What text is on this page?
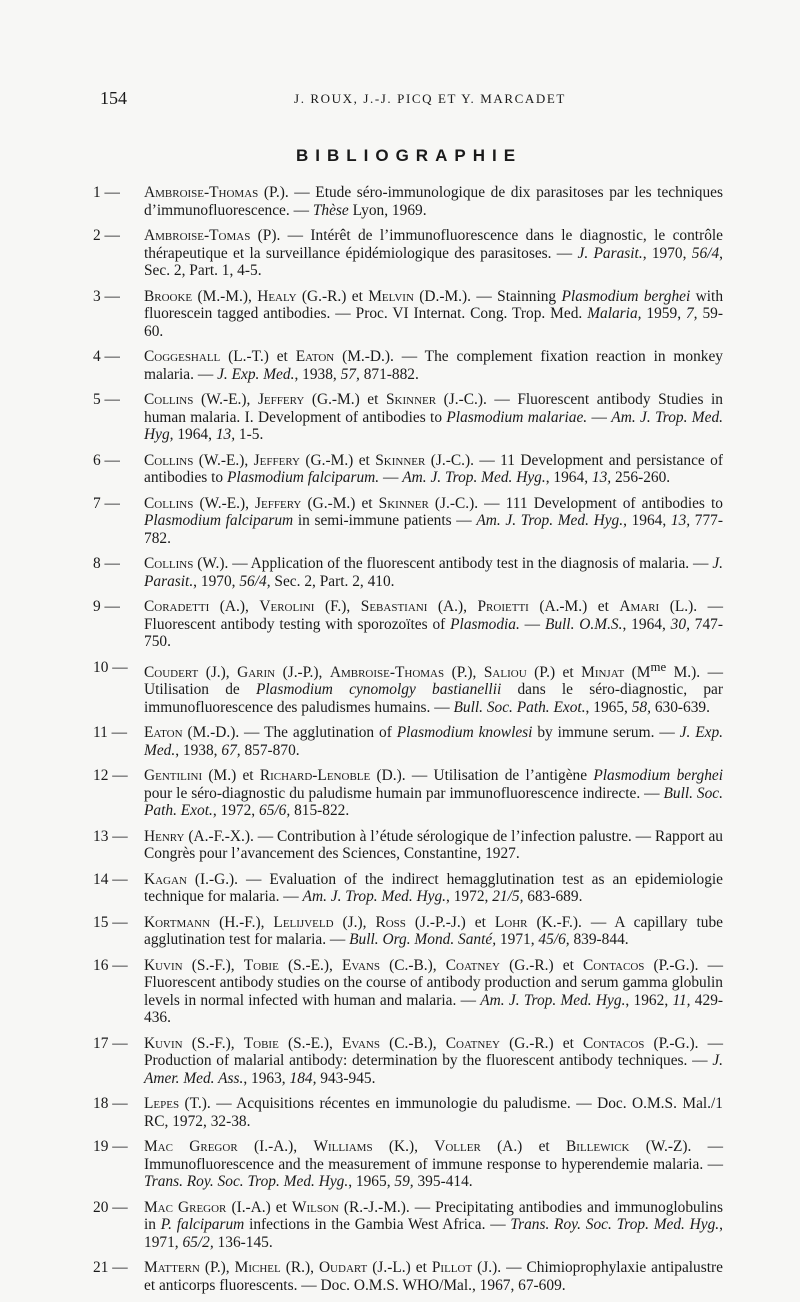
154	J. ROUX, J.-J. PICQ ET Y. MARCADET
BIBLIOGRAPHIE
1 —	Ambroise-Thomas (P.). — Etude séro-immunologique de dix parasitoses par les techniques d’immunofluorescence. — Thèse Lyon, 1969.
2 —	Ambroise-Tomas (P). — Intérêt de l’immunofluorescence dans le diagnostic, le contrôle thérapeutique et la surveillance épidémiologique des parasitoses. — J. Parasit., 1970, 56/4, Sec. 2, Part. 1, 4-5.
3 —	Brooke (M.-M.), Healy (G.-R.) et Melvin (D.-M.). — Stainning Plasmodium berghei with fluorescein tagged antibodies. — Proc. VI Internat. Cong. Trop. Med. Malaria, 1959, 7, 59-60.
4 —	Coggeshall (L.-T.) et Eaton (M.-D.). — The complement fixation reaction in monkey malaria. — J. Exp. Med., 1938, 57, 871-882.
5 —	Collins (W.-E.), Jeffery (G.-M.) et Skinner (J.-C.). — Fluorescent antibody Studies in human malaria. I. Development of antibodies to Plasmodium malariae. — Am. J. Trop. Med. Hyg, 1964, 13, 1-5.
6 —	Collins (W.-E.), Jeffery (G.-M.) et Skinner (J.-C.). — 11 Development and persistance of antibodies to Plasmodium falciparum. — Am. J. Trop. Med. Hyg., 1964, 13, 256-260.
7 —	Collins (W.-E.), Jeffery (G.-M.) et Skinner (J.-C.). — 111 Development of antibodies to Plasmodium falciparum in semi-immune patients — Am. J. Trop. Med. Hyg., 1964, 13, 777-782.
8 —	Collins (W.). — Application of the fluorescent antibody test in the diagnosis of malaria. — J. Parasit., 1970, 56/4, Sec. 2, Part. 2, 410.
9 —	Coradetti (A.), Verolini (F.), Sebastiani (A.), Proietti (A.-M.) et Amari (L.). — Fluorescent antibody testing with sporozoïtes of Plasmodia. — Bull. O.M.S., 1964, 30, 747-750.
10 —	Coudert (J.), Garin (J.-P.), Ambroise-Thomas (P.), Saliou (P.) et Minjat ($M^{me}$ M.). — Utilisation de Plasmodium cynomolgy bastianellii dans le séro-diagnostic, par immunofluorescence des paludismes humains. — Bull. Soc. Path. Exot., 1965, 58, 630-639.
11 —	Eaton (M.-D.). — The agglutination of Plasmodium knowlesi by immune serum. — J. Exp. Med., 1938, 67, 857-870.
12 —	Gentilini (M.) et Richard-Lenoble (D.). — Utilisation de l’antigène Plasmodium berghei pour le séro-diagnostic du paludisme humain par immunofluorescence indirecte. — Bull. Soc. Path. Exot., 1972, 65/6, 815-822.
13 —	Henry (A.-F.-X.). — Contribution à l’étude sérologique de l’infection palustre. — Rapport au Congrès pour l’avancement des Sciences, Constantine, 1927.
14 —	Kagan (I.-G.). — Evaluation of the indirect hemagglutination test as an epidemiologie technique for malaria. — Am. J. Trop. Med. Hyg., 1972, 21/5, 683-689.
15 —	Kortmann (H.-F.), Lelijveld (J.), Ross (J.-P.-J.) et Lohr (K.-F.). — A capillary tube agglutination test for malaria. — Bull. Org. Mond. Santé, 1971, 45/6, 839-844.
16 —	Kuvin (S.-F.), Tobie (S.-E.), Evans (C.-B.), Coatney (G.-R.) et Contacos (P.-G.). — Fluorescent antibody studies on the course of antibody production and serum gamma globulin levels in normal infected with human and malaria. — Am. J. Trop. Med. Hyg., 1962, 11, 429-436.
17 —	Kuvin (S.-F.), Tobie (S.-E.), Evans (C.-B.), Coatney (G.-R.) et Contacos (P.-G.). — Production of malarial antibody: determination by the fluorescent antibody techniques. — J. Amer. Med. Ass., 1963, 184, 943-945.
18 —	Lepes (T.). — Acquisitions récentes en immunologie du paludisme. — Doc. O.M.S. Mal./1 RC, 1972, 32-38.
19 —	Mac Gregor (I.-A.), Williams (K.), Voller (A.) et Billewick (W.-Z). — Immunofluorescence and the measurement of immune response to hyperendemie malaria. — Trans. Roy. Soc. Trop. Med. Hyg., 1965, 59, 395-414.
20 —	Mac Gregor (I.-A.) et Wilson (R.-J.-M.). — Precipitating antibodies and immunoglobulins in P. falciparum infections in the Gambia West Africa. — Trans. Roy. Soc. Trop. Med. Hyg., 1971, 65/2, 136-145.
21 —	Mattern (P.), Michel (R.), Oudart (J.-L.) et Pillot (J.). — Chimioprophylaxie antipalustre et anticorps fluorescents. — Doc. O.M.S. WHO/Mal., 1967, 67-609.
